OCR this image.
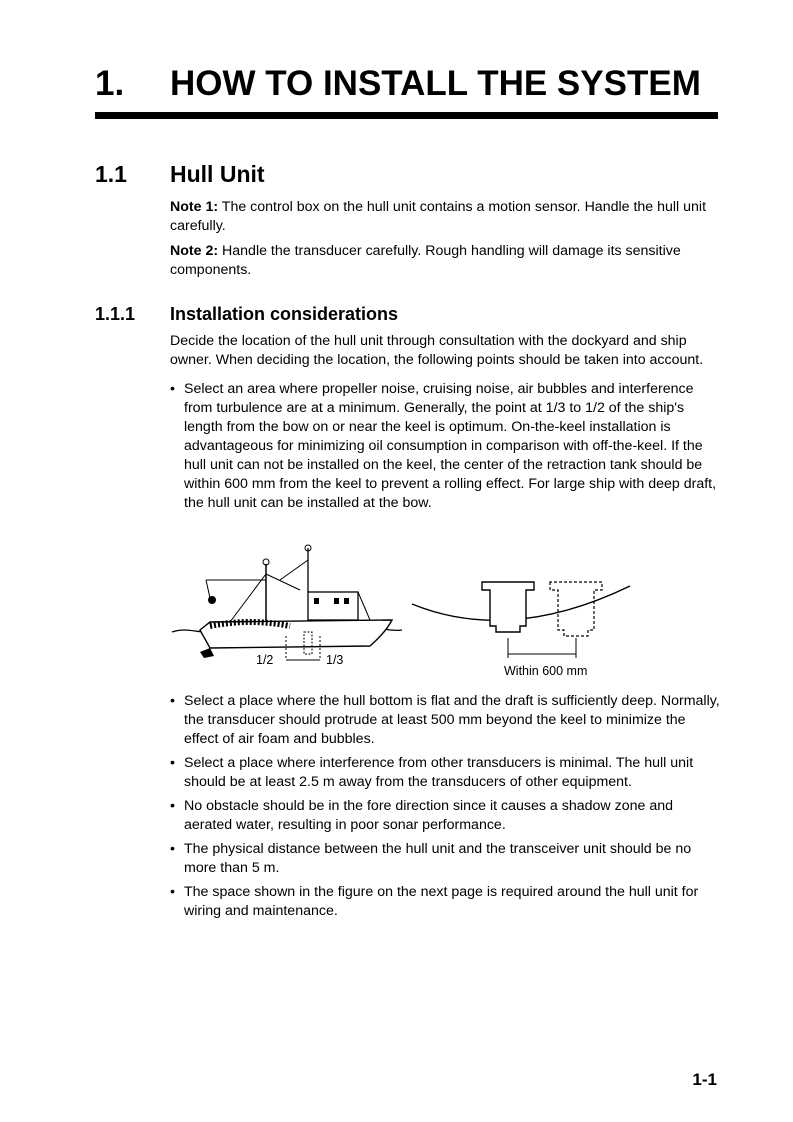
1. HOW TO INSTALL THE SYSTEM
1.1 Hull Unit

Note 1: The control box on the hull unit contains a motion sensor. Handle the hull unit carefully.

Note 2: Handle the transducer carefully. Rough handling will damage its sensitive components.

1.1.1 Installation considerations

Decide the location of the hull unit through consultation with the dockyard and ship owner. When deciding the location, the following points should be taken into account.

• Select an area where propeller noise, cruising noise, air bubbles and interference from turbulence are at a minimum. Generally, the point at 1/3 to 1/2 of the ship's length from the bow on or near the keel is optimum. On-the-keel installation is advantageous for minimizing oil consumption in comparison with off-the-keel. If the hull unit can not be installed on the keel, the center of the retraction tank should be within 600 mm from the keel to prevent a rolling effect. For large ship with deep draft, the hull unit can be installed at the bow.
1/2	1/3
Within 600 mm
• Select a place where the hull bottom is flat and the draft is sufficiently deep. Normally, the transducer should protrude at least 500 mm beyond the keel to minimize the effect of air foam and bubbles.
• Select a place where interference from other transducers is minimal. The hull unit should be at least 2.5 m away from the transducers of other equipment.
• No obstacle should be in the fore direction since it causes a shadow zone and aerated water, resulting in poor sonar performance.
• The physical distance between the hull unit and the transceiver unit should be no more than 5 m.
• The space shown in the figure on the next page is required around the hull unit for wiring and maintenance.
1-1
